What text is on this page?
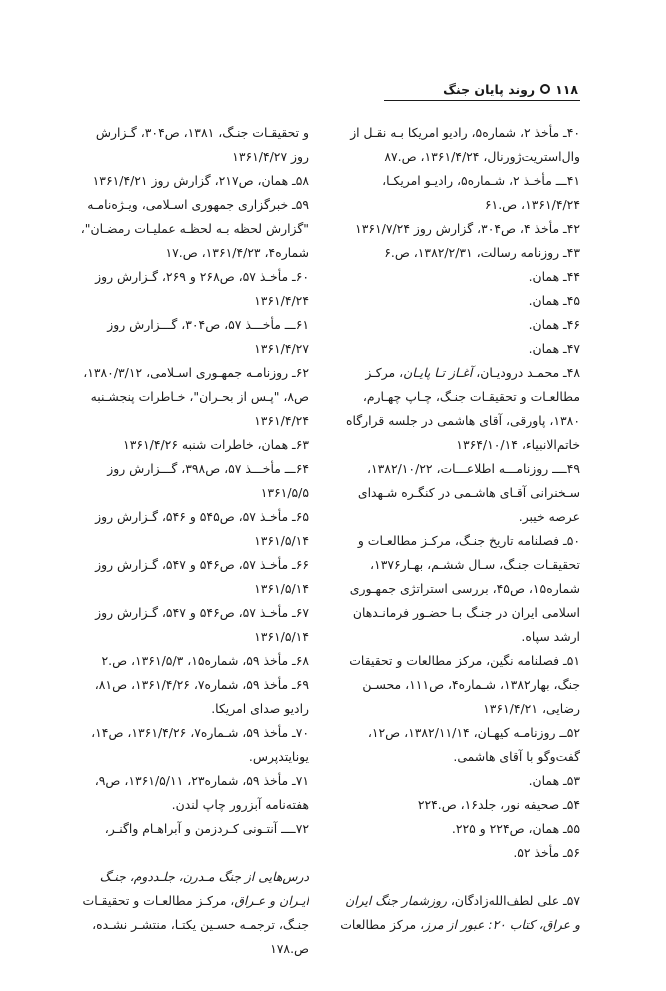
۱۱۸
روند پایان جنگ
۴۰ـ مأخذ ۲، شماره۵، رادیو امریکا بـه نقـل از
وال‌استریت‌ژورنال، ۱۳۶۱/۴/۲۴، ص.۸۷
۴۱ـــ مأخـذ ۲، شـماره۵، رادیـو امریکـا،
۱۳۶۱/۴/۲۴، ص.۶۱
۴۲ـ مأخذ ۴، ص۳۰۴، گزارش روز ۱۳۶۱/۷/۲۴
۴۳ـ روزنامه رسالت، ۱۳۸۲/۲/۳۱، ص.۶
۴۴ـ همان.
۴۵ـ همان.
۴۶ـ همان.
۴۷ـ همان.
۴۸ـ محمـد درودیـان، آغـاز تـا پایـان، مرکـز
مطالعـات و تحقیقـات جنـگ، چـاپ چهـارم،
۱۳۸۰، پاورقی، آقای هاشمی در جلسه قرارگاه
خاتم‌الانبیاء، ۱۳۶۴/۱۰/۱۴
۴۹ــــ روزنامـــه اطلاعـــات، ۱۳۸۲/۱۰/۲۲،
سـخنرانی آقـای هاشـمی در کنگـره شـهدای
عرصه خیبر.
۵۰ـ فصلنامه تاریخ جنـگ، مرکـز مطالعـات و
تحقیقـات جنـگ، سـال ششـم، بهـار۱۳۷۶،
شماره۱۵، ص۴۵، بررسی استراتژی جمهـوری
اسلامی ایران در جنـگ بـا حضـور فرمانـدهان
ارشد سپاه.
۵۱ـ فصلنامه نگین، مرکز مطالعات و تحقیقات
جنگ، بهار۱۳۸۲، شـماره۴، ص۱۱۱، محسـن
رضایی، ۱۳۶۱/۴/۲۱
۵۲ــ روزنامـه کیهـان، ۱۳۸۲/۱۱/۱۴، ص۱۲،
گفت‌وگو با آقای هاشمی.
۵۳ـ همان.
۵۴ـ صحیفه نور، جلد۱۶، ص.۲۲۴
۵۵ـ همان، ص۲۲۴ و ۲۲۵.
۵۶ـ مأخذ ۵۲.
۵۷ـ علی لطف‌الله‌زادگان، روزشمار جنگ ایران
و عراق، کتاب ۲۰: عبور از مرز، مرکز مطالعات
و تحقیقـات جنـگ، ۱۳۸۱، ص۳۰۴، گـزارش
روز ۱۳۶۱/۴/۲۷
۵۸ـ همان، ص۲۱۷، گزارش روز ۱۳۶۱/۴/۲۱
۵۹ـ خبرگزاری جمهوری اسـلامی، ویـژه‌نامـه
"گزارش لحظه بـه لحظـه عملیـات رمضـان"،
شماره۴، ۱۳۶۱/۴/۲۳، ص.۱۷
۶۰ـ مأخـذ ۵۷، ص۲۶۸ و ۲۶۹، گـزارش روز
۱۳۶۱/۴/۲۴
۶۱ـــ مأخـــذ ۵۷، ص۳۰۴، گـــزارش روز
۱۳۶۱/۴/۲۷
۶۲ـ روزنامـه جمهـوری اسـلامی، ۱۳۸۰/۳/۱۲،
ص۸، "پـس از بحـران"، خـاطرات پنجشـنبه
۱۳۶۱/۴/۲۴
۶۳ـ همان، خاطرات شنبه ۱۳۶۱/۴/۲۶
۶۴ـــ مأخـــذ ۵۷، ص۳۹۸، گـــزارش روز
۱۳۶۱/۵/۵
۶۵ـ مأخـذ ۵۷، ص۵۴۵ و ۵۴۶، گـزارش روز
۱۳۶۱/۵/۱۴
۶۶ـ مأخـذ ۵۷، ص۵۴۶ و ۵۴۷، گـزارش روز
۱۳۶۱/۵/۱۴
۶۷ـ مأخـذ ۵۷، ص۵۴۶ و ۵۴۷، گـزارش روز
۱۳۶۱/۵/۱۴
۶۸ـ مأخذ ۵۹، شماره۱۵، ۱۳۶۱/۵/۳، ص.۲
۶۹ـ مأخذ ۵۹، شماره۷، ۱۳۶۱/۴/۲۶، ص۸۱،
رادیو صدای امریکا.
۷۰ـ مأخذ ۵۹، شـماره۷، ۱۳۶۱/۴/۲۶، ص۱۴،
یونایتدپرس.
۷۱ـ مأخذ ۵۹، شماره۲۳، ۱۳۶۱/۵/۱۱، ص۹،
هفته‌نامه آبزرور چاپ لندن.
۷۲ــــ آنتـونی کـردزمن و آبراهـام واگنـر،
درس‌هایی از جنگ مـدرن، جلـددوم، جنـگ
ایـران و عـراق، مرکـز مطالعـات و تحقیقـات
جنـگ، ترجمـه حسـین یکتـا، منتشـر نشـده،
ص.۱۷۸
